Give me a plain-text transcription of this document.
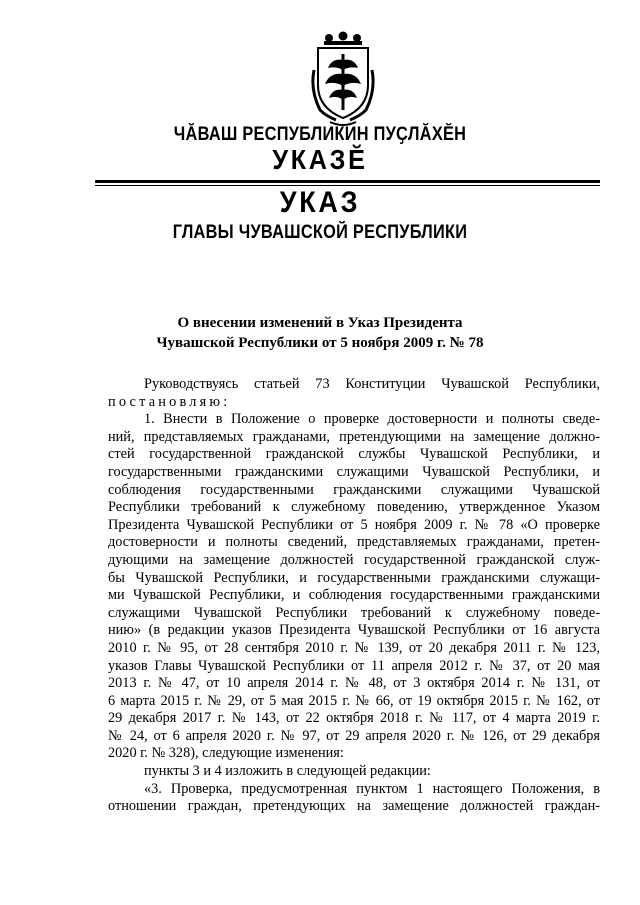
ЧӐВАШ РЕСПУБЛИКИН ПУҪЛӐХӖН
УКАЗӖ
УКАЗ
ГЛАВЫ ЧУВАШСКОЙ РЕСПУБЛИКИ
О внесении изменений в Указ Президента
Чувашской Республики от 5 ноября 2009 г. № 78
Руководствуясь статьей 73 Конституции Чувашской Республики,
постановляю:
1. Внести в Положение о проверке достоверности и полноты сведе-
ний, представляемых гражданами, претендующими на замещение должно-
стей государственной гражданской службы Чувашской Республики, и
государственными гражданскими служащими Чувашской Республики, и
соблюдения государственными гражданскими служащими Чувашской
Республики требований к служебному поведению, утвержденное Указом
Президента Чувашской Республики от 5 ноября 2009 г. № 78 «О проверке
достоверности и полноты сведений, представляемых гражданами, претен-
дующими на замещение должностей государственной гражданской служ-
бы Чувашской Республики, и государственными гражданскими служащи-
ми Чувашской Республики, и соблюдения государственными гражданскими
служащими Чувашской Республики требований к служебному поведе-
нию» (в редакции указов Президента Чувашской Республики от 16 августа
2010 г. № 95, от 28 сентября 2010 г. № 139, от 20 декабря 2011 г. № 123,
указов Главы Чувашской Республики от 11 апреля 2012 г. № 37, от 20 мая
2013 г. № 47, от 10 апреля 2014 г. № 48, от 3 октября 2014 г. № 131, от
6 марта 2015 г. № 29, от 5 мая 2015 г. № 66, от 19 октября 2015 г. № 162, от
29 декабря 2017 г. № 143, от 22 октября 2018 г. № 117, от 4 марта 2019 г.
№ 24, от 6 апреля 2020 г. № 97, от 29 апреля 2020 г. № 126, от 29 декабря
2020 г. № 328), следующие изменения:
пункты 3 и 4 изложить в следующей редакции:
«3. Проверка, предусмотренная пунктом 1 настоящего Положения, в
отношении граждан, претендующих на замещение должностей граждан-
